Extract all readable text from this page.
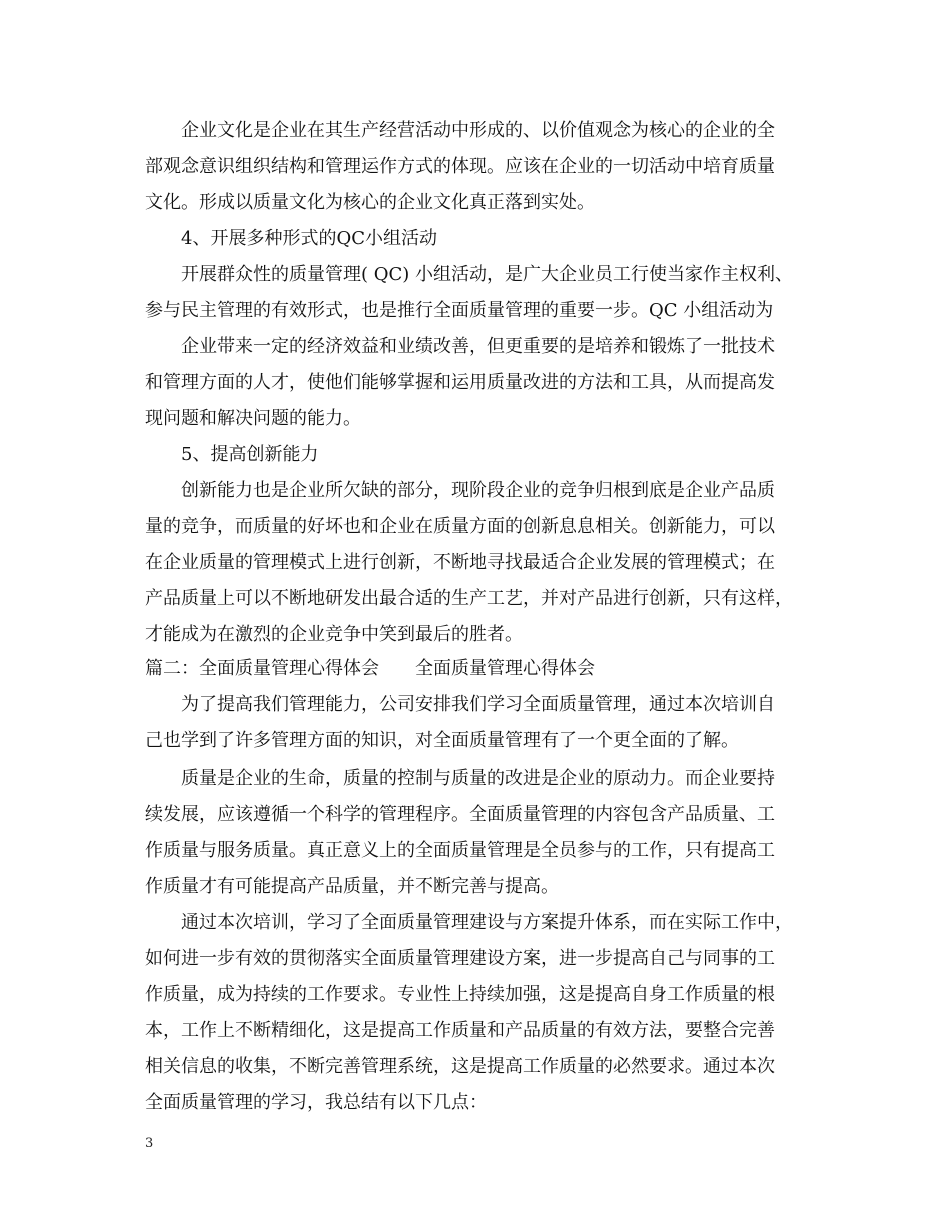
企业文化是企业在其生产经营活动中形成的、以价值观念为核心的企业的全
部观念意识组织结构和管理运作方式的体现。应该在企业的一切活动中培育质量
文化。形成以质量文化为核心的企业文化真正落到实处。
4、开展多种形式的QC小组活动
开展群众性的质量管理( QC) 小组活动，是广大企业员工行使当家作主权利、
参与民主管理的有效形式，也是推行全面质量管理的重要一步。QC 小组活动为
企业带来一定的经济效益和业绩改善，但更重要的是培养和锻炼了一批技术
和管理方面的人才，使他们能够掌握和运用质量改进的方法和工具，从而提高发
现问题和解决问题的能力。
5、提高创新能力
创新能力也是企业所欠缺的部分，现阶段企业的竞争归根到底是企业产品质
量的竞争，而质量的好坏也和企业在质量方面的创新息息相关。创新能力，可以
在企业质量的管理模式上进行创新，不断地寻找最适合企业发展的管理模式；在
产品质量上可以不断地研发出最合适的生产工艺，并对产品进行创新，只有这样，
才能成为在激烈的企业竞争中笑到最后的胜者。
篇二：全面质量管理心得体会　　全面质量管理心得体会
为了提高我们管理能力，公司安排我们学习全面质量管理，通过本次培训自
己也学到了许多管理方面的知识，对全面质量管理有了一个更全面的了解。
质量是企业的生命，质量的控制与质量的改进是企业的原动力。而企业要持
续发展，应该遵循一个科学的管理程序。全面质量管理的内容包含产品质量、工
作质量与服务质量。真正意义上的全面质量管理是全员参与的工作，只有提高工
作质量才有可能提高产品质量，并不断完善与提高。
通过本次培训，学习了全面质量管理建设与方案提升体系，而在实际工作中，
如何进一步有效的贯彻落实全面质量管理建设方案，进一步提高自己与同事的工
作质量，成为持续的工作要求。专业性上持续加强，这是提高自身工作质量的根
本，工作上不断精细化，这是提高工作质量和产品质量的有效方法，要整合完善
相关信息的收集，不断完善管理系统，这是提高工作质量的必然要求。通过本次
全面质量管理的学习，我总结有以下几点：
3
